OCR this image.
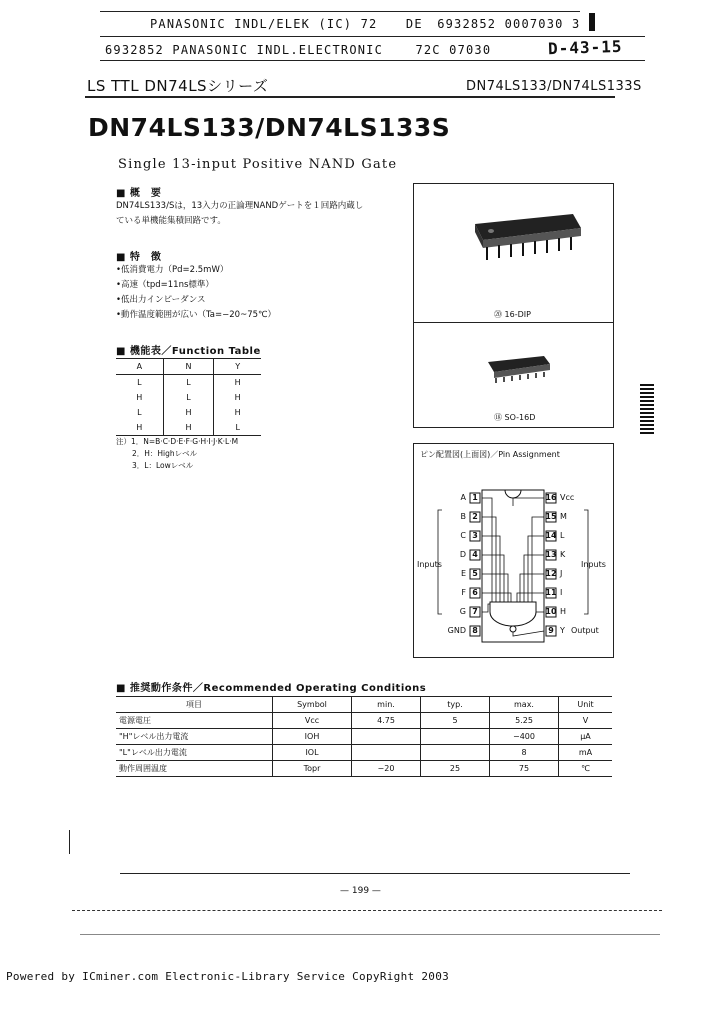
PANASONIC INDL/ELEK (IC) 72 DE 6932852 0007030 3
6932852 PANASONIC INDL.ELECTRONIC	72C 07030	D-43-15
LS TTL DN74LSシリーズ	DN74LS133/DN74LS133S
DN74LS133/DN74LS133S
Single 13-input Positive NAND Gate
■ 概　要
DN74LS133/Sは，13入力の正論理NANDゲートを１回路内蔵し
ている単機能集積回路です。
■ 特　徴
•低消費電力（Pd=2.5mW）
•高速（tpd=11ns標準）
•低出力インピーダンス
•動作温度範囲が広い（Ta=−20~75℃）
■ 機能表／Function Table
A	N	Y
L	L	H
H	L	H
L	H	H
H	H	L
注）1．N=B·C·D·E·F·G·H·I·J·K·L·M
2．H：Highレベル
3．L：Lowレベル
⑳ 16-DIP
⑱ SO-16D
ピン配置図(上面図)／Pin Assignment
A
B
C
D
E
F
G
GND
1
2
3
4
5
6
7
8
16
15
14
13
12
11
10
9
Vcc
M
L
K
J
I
H
Y
Inputs	Inputs
Output
■ 推奨動作条件／Recommended Operating Conditions
項目	Symbol	min.	typ.	max.	Unit
電源電圧	Vcc	4.75	5	5.25	V
"H"レベル出力電流	IOH			−400	μA
"L"レベル出力電流	IOL			8	mA
動作周囲温度	Topr	−20	25	75	℃
— 199 —
Powered by ICminer.com Electronic-Library Service CopyRight 2003
